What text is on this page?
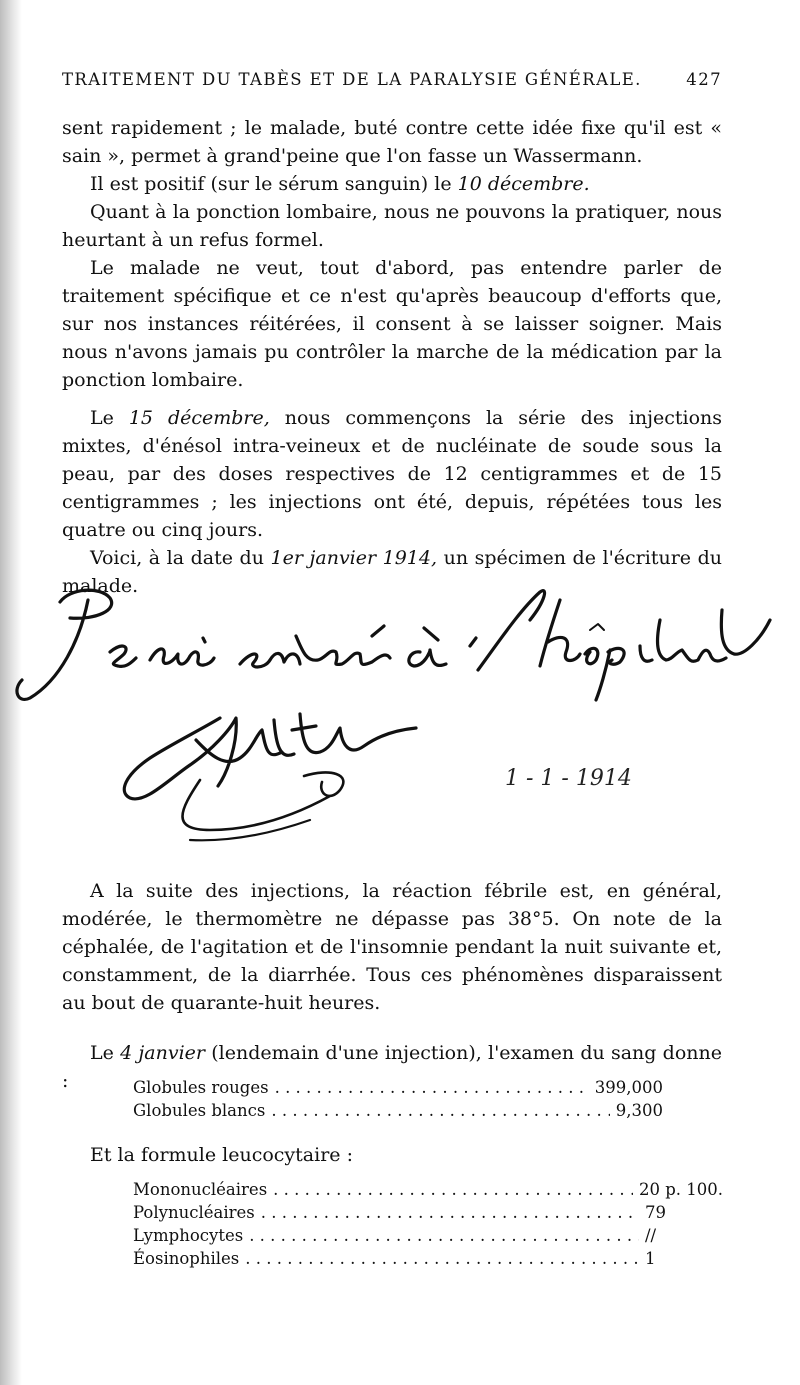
TRAITEMENT DU TABÈS ET DE LA PARALYSIE GÉNÉRALE.	427

sent rapidement ; le malade, buté contre cette idée fixe qu'il est « sain », permet à grand'peine que l'on fasse un Wassermann.

Il est positif (sur le sérum sanguin) le 10 décembre.

Quant à la ponction lombaire, nous ne pouvons la pratiquer, nous heurtant à un refus formel.

Le malade ne veut, tout d'abord, pas entendre parler de traitement spécifique et ce n'est qu'après beaucoup d'efforts que, sur nos instances réitérées, il consent à se laisser soigner. Mais nous n'avons jamais pu contrôler la marche de la médication par la ponction lombaire.

Le 15 décembre, nous commençons la série des injections mixtes, d'énésol intra-veineux et de nucléinate de soude sous la peau, par des doses respectives de 12 centigrammes et de 15 centigrammes ; les injections ont été, depuis, répétées tous les quatre ou cinq jours.

Voici, à la date du 1er janvier 1914, un spécimen de l'écriture du malade.

1 - 1 - 1914

A la suite des injections, la réaction fébrile est, en général, modérée, le thermomètre ne dépasse pas 38°5. On note de la céphalée, de l'agitation et de l'insomnie pendant la nuit suivante et, constamment, de la diarrhée. Tous ces phénomènes disparaissent au bout de quarante-huit heures.

Le 4 janvier (lendemain d'une injection), l'examen du sang donne :	Globules rouges . . .	399,000
Globules blancs . . .	9,300

Et la formule leucocytaire :

Mononucléaires . . .	20 p. 100.
Polynucléaires . . .	79
Lymphocytes . . .	//
Éosinophiles . . .	1
